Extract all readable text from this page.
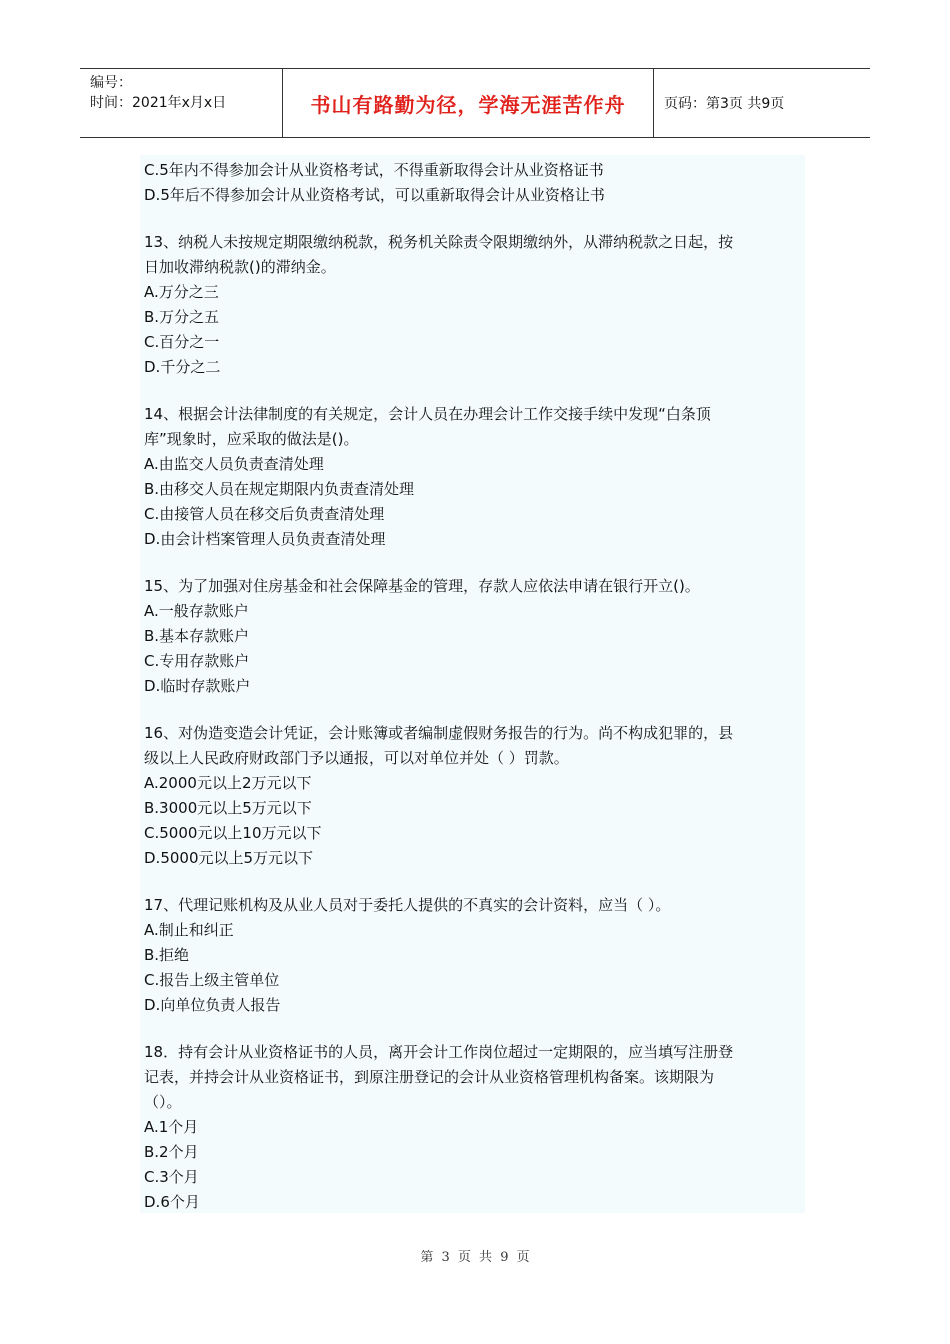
编号：
时间：2021年x月x日	书山有路勤为径，学海无涯苦作舟	页码：第3页 共9页
C.5年内不得参加会计从业资格考试，不得重新取得会计从业资格证书
D.5年后不得参加会计从业资格考试，可以重新取得会计从业资格让书
13、纳税人未按规定期限缴纳税款，税务机关除责令限期缴纳外，从滞纳税款之日起，按
日加收滞纳税款()的滞纳金。
A.万分之三
B.万分之五
C.百分之一
D.千分之二
14、根据会计法律制度的有关规定，会计人员在办理会计工作交接手续中发现“白条顶
库”现象时，应采取的做法是()。
A.由监交人员负责查清处理
B.由移交人员在规定期限内负责查清处理
C.由接管人员在移交后负责查清处理
D.由会计档案管理人员负责查清处理
15、为了加强对住房基金和社会保障基金的管理，存款人应依法申请在银行开立()。
A.一般存款账户
B.基本存款账户
C.专用存款账户
D.临时存款账户
16、对伪造变造会计凭证，会计账簿或者编制虚假财务报告的行为。尚不构成犯罪的，县
级以上人民政府财政部门予以通报，可以对单位并处（ ）罚款。
A.2000元以上2万元以下
B.3000元以上5万元以下
C.5000元以上10万元以下
D.5000元以上5万元以下
17、代理记账机构及从业人员对于委托人提供的不真实的会计资料，应当（ ）。
A.制止和纠正
B.拒绝
C.报告上级主管单位
D.向单位负责人报告
18．持有会计从业资格证书的人员，离开会计工作岗位超过一定期限的，应当填写注册登
记表，并持会计从业资格证书，到原注册登记的会计从业资格管理机构备案。该期限为
（）。
A.1个月
B.2个月
C.3个月
D.6个月
第 3 页 共 9 页
